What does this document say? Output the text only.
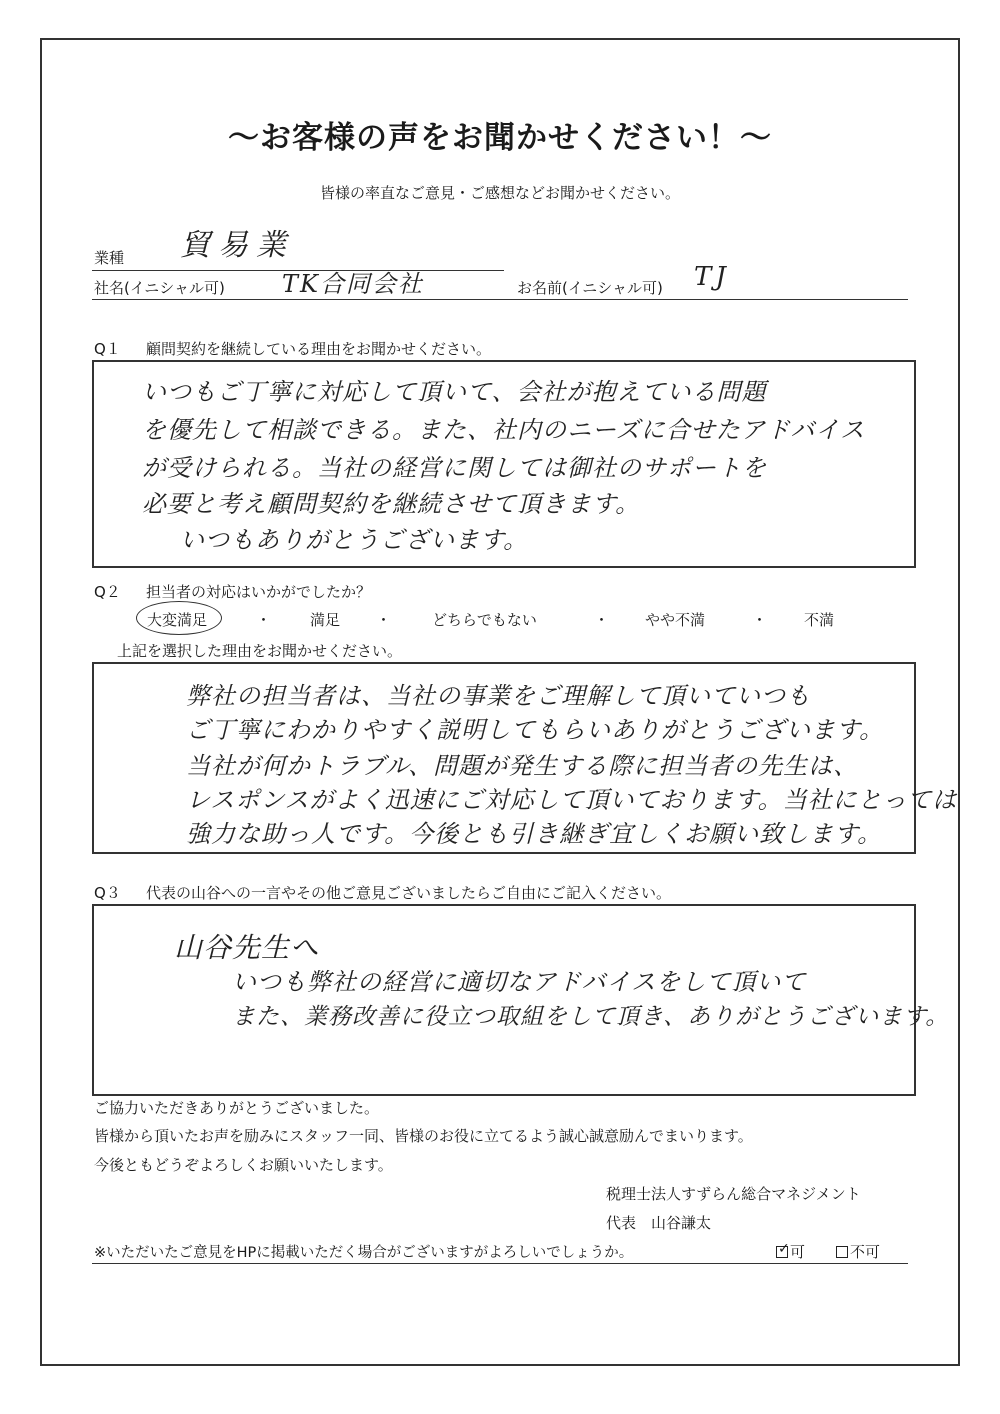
〜お客様の声をお聞かせください！〜
皆様の率直なご意見・ご感想などお聞かせください。
業種 貿易業
社名(イニシャル可) TK合同会社	お名前(イニシャル可) TJ
Q１ 顧問契約を継続している理由をお聞かせください。
いつもご丁寧に対応して頂いて、会社が抱えている問題
を優先して相談できる。また、社内のニーズに合せたアドバイス
が受けられる。当社の経営に関しては御社のサポートを
必要と考え顧問契約を継続させて頂きます。
いつもありがとうございます。
Q２ 担当者の対応はいかがでしたか？
大変満足	・	満足 ・	どちらでもない	・ やや不満	・ 不満
上記を選択した理由をお聞かせください。
弊社の担当者は、当社の事業をご理解して頂いていつも
ご丁寧にわかりやすく説明してもらいありがとうございます。
当社が何かトラブル、問題が発生する際に担当者の先生は、
レスポンスがよく迅速にご対応して頂いております。当社にとっては
強力な助っ人です。今後とも引き継ぎ宜しくお願い致します。
Q３ 代表の山谷への一言やその他ご意見ございましたらご自由にご記入ください。
山谷先生へ
いつも弊社の経営に適切なアドバイスをして頂いて
また、業務改善に役立つ取組をして頂き、ありがとうございます。
ご協力いただきありがとうございました。
皆様から頂いたお声を励みにスタッフ一同、皆様のお役に立てるよう誠心誠意励んでまいります。
今後ともどうぞよろしくお願いいたします。
税理士法人すずらん総合マネジメント
代表　山谷謙太
※いただいたご意見をHPに掲載いただく場合がございますがよろしいでしょうか。	✓ 可	不可
